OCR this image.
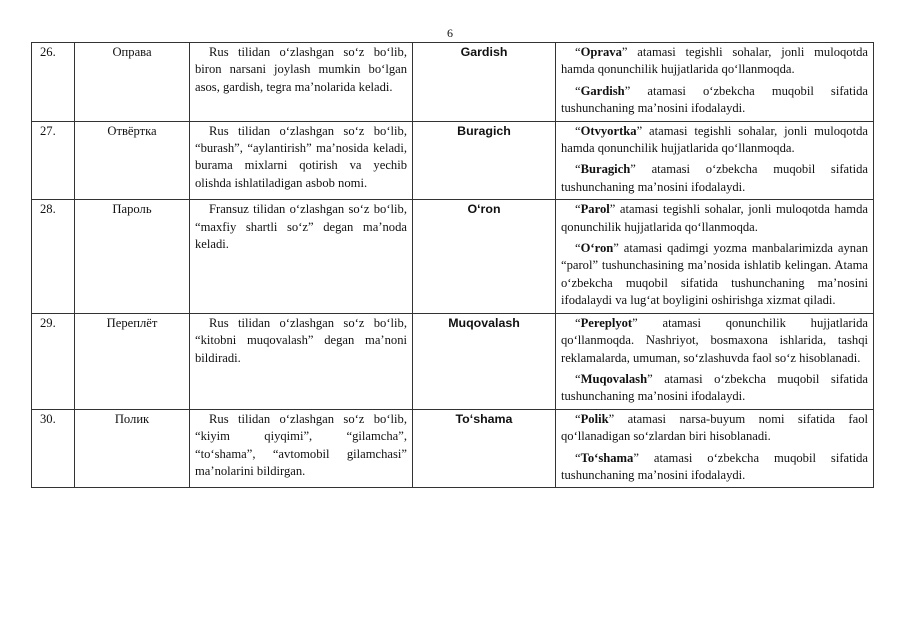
6
26.	Оправа	Rus tilidan oʻzlashgan soʻz boʻlib, biron narsani joylash mumkin boʻlgan asos, gardish, tegra maʼnolarida keladi.	Gardish	“Oprava” atamasi tegishli sohalar, jonli muloqotda hamda qonunchilik hujjatlarida qoʻllanmoqda.

“Gardish” atamasi oʻzbekcha muqobil sifatida tushunchaning maʼnosini ifodalaydi.

27.	Отвёртка	Rus tilidan oʻzlashgan soʻz boʻlib, “burash”, “aylantirish” maʼnosida keladi, burama mixlarni qotirish va yechib olishda ishlatiladigan asbob nomi.	Buragich	“Otvyortka” atamasi tegishli sohalar, jonli muloqotda hamda qonunchilik hujjatlarida qoʻllanmoqda.

“Buragich” atamasi oʻzbekcha muqobil sifatida tushunchaning maʼnosini ifodalaydi.

28.	Пароль	Fransuz tilidan oʻzlashgan soʻz boʻlib, “maxfiy shartli soʻz” degan maʼnoda keladi.	Oʻron	“Parol” atamasi tegishli sohalar, jonli muloqotda hamda qonunchilik hujjatlarida qoʻllanmoqda.

“Oʻron” atamasi qadimgi yozma manbalarimizda aynan “parol” tushunchasining maʼnosida ishlatib kelingan. Atama oʻzbekcha muqobil sifatida tushunchaning maʼnosini ifodalaydi va lugʻat boyligini oshirishga xizmat qiladi.

29.	Переплёт	Rus tilidan oʻzlashgan soʻz boʻlib, “kitobni muqovalash” degan maʼnoni bildiradi.	Muqovalash	“Pereplyot” atamasi qonunchilik hujjatlarida qoʻllanmoqda. Nashriyot, bosmaxona ishlarida, tashqi reklamalarda, umuman, soʻzlashuvda faol soʻz hisoblanadi.

“Muqovalash” atamasi oʻzbekcha muqobil sifatida tushunchaning maʼnosini ifodalaydi.

30.	Полик	Rus tilidan oʻzlashgan soʻz boʻlib, “kiyim qiyqimi”, “gilamcha”, “toʻshama”, “avtomobil gilamchasi” maʼnolarini bildirgan.	Toʻshama	“Polik” atamasi narsa-buyum nomi sifatida faol qoʻllanadigan soʻzlardan biri hisoblanadi.

“Toʻshama” atamasi oʻzbekcha muqobil sifatida tushunchaning maʼnosini ifodalaydi.
